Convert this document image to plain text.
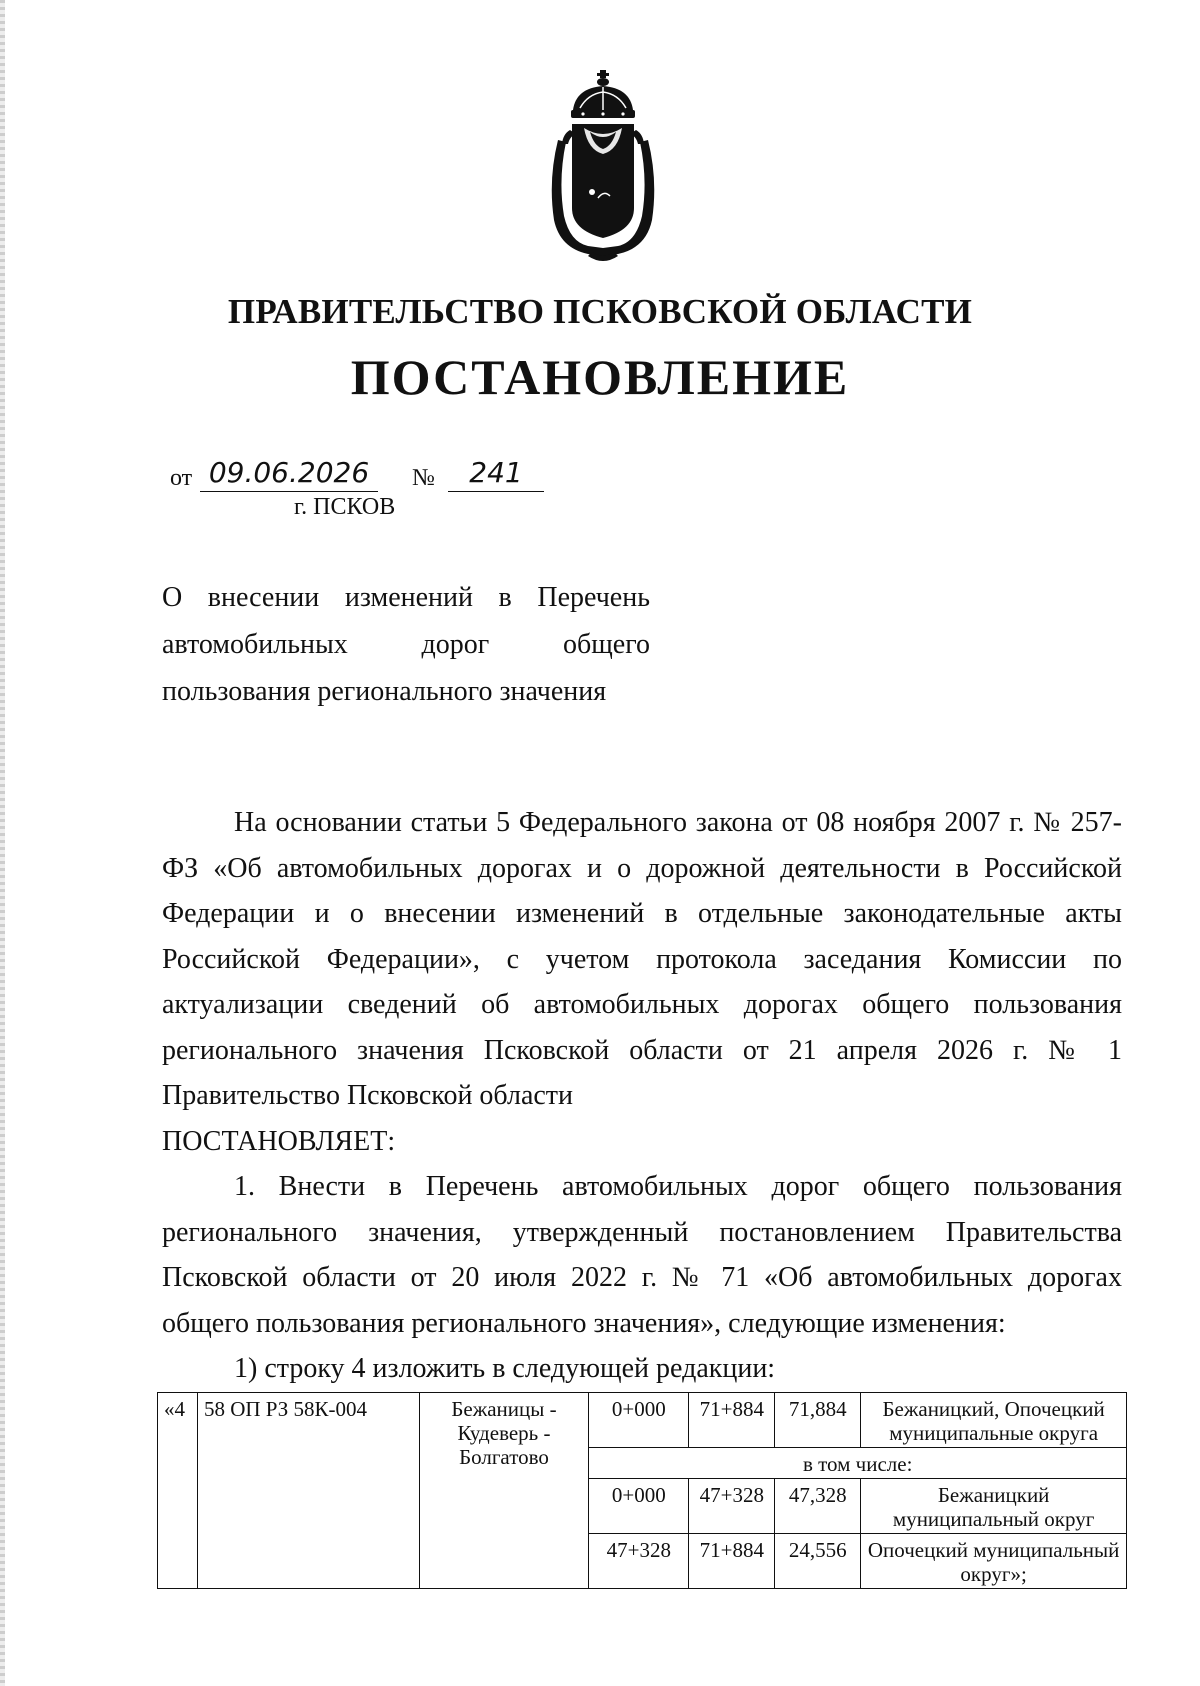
ПРАВИТЕЛЬСТВО ПСКОВСКОЙ ОБЛАСТИ
ПОСТАНОВЛЕНИЕ
от 09.06.2026	№	241
г. ПСКОВ
О внесении изменений в Перечень
автомобильных дорог общего
пользования регионального значения

На основании статьи 5 Федерального закона от 08 ноября 2007 г. № 257-ФЗ «Об автомобильных дорогах и о дорожной деятельности в Российской Федерации и о внесении изменений в отдельные законодательные акты Российской Федерации», с учетом протокола заседания Комиссии по актуализации сведений об автомобильных дорогах общего пользования регионального значения Псковской области от 21 апреля 2026 г. № 1 Правительство Псковской области

ПОСТАНОВЛЯЕТ:

1. Внести в Перечень автомобильных дорог общего пользования регионального значения, утвержденный постановлением Правительства Псковской области от 20 июля 2022 г. № 71 «Об автомобильных дорогах общего пользования регионального значения», следующие изменения:

1) строку 4 изложить в следующей редакции:

«4	58 ОП РЗ 58К-004	Бежаницы - Кудеверь - Болгатово	0+000	71+884	71,884	Бежаницкий, Опочецкий муниципальные округа
			в том числе:			
			0+000	47+328	47,328	Бежаницкий муниципальный округ
			47+328	71+884	24,556	Опочецкий муниципальный округ»;
